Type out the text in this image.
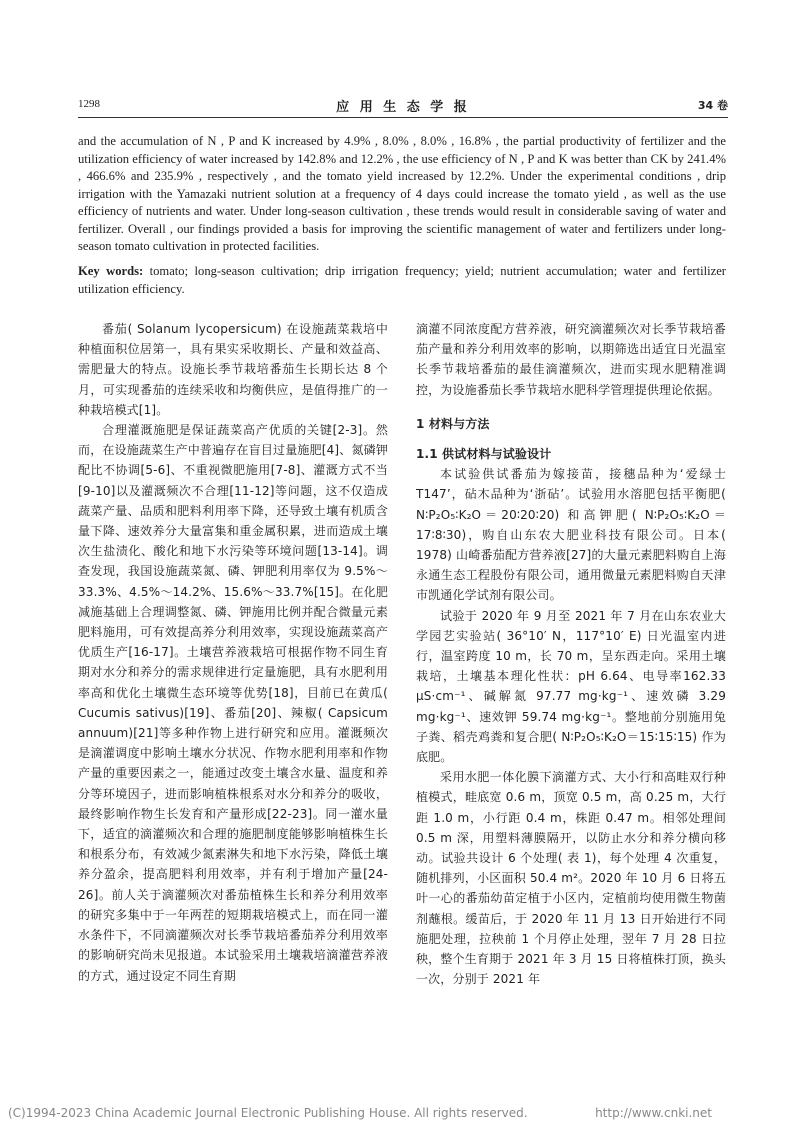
1298	应 用 生 态 学 报	34 卷

and the accumulation of N , P and K increased by 4.9% , 8.0% , 8.0% , 16.8% , the partial productivity of fertilizer and the utilization efficiency of water increased by 142.8% and 12.2% , the use efficiency of N , P and K was better than CK by 241.4% , 466.6% and 235.9% , respectively , and the tomato yield increased by 12.2%. Under the experimental conditions , drip irrigation with the Yamazaki nutrient solution at a frequency of 4 days could increase the tomato yield , as well as the use efficiency of nutrients and water. Under long-season cultivation , these trends would result in considerable saving of water and fertilizer. Overall , our findings provided a basis for improving the scientific management of water and fertilizers under long-season tomato cultivation in protected facilities.

Key words: tomato; long-season cultivation; drip irrigation frequency; yield; nutrient accumulation; water and fertilizer utilization efficiency.

番茄( Solanum lycopersicum) 在设施蔬菜栽培中种植面积位居第一，具有果实采收期长、产量和效益高、需肥量大的特点。设施长季节栽培番茄生长期长达 8 个月，可实现番茄的连续采收和均衡供应，是值得推广的一种栽培模式[1]。

合理灌溉施肥是保证蔬菜高产优质的关键[2-3]。然而，在设施蔬菜生产中普遍存在盲目过量施肥[4]、氮磷钾配比不协调[5-6]、不重视微肥施用[7-8]、灌溉方式不当[9-10]以及灌溉频次不合理[11-12]等问题，这不仅造成蔬菜产量、品质和肥料利用率下降，还导致土壤有机质含量下降、速效养分大量富集和重金属积累，进而造成土壤次生盐渍化、酸化和地下水污染等环境问题[13-14]。调查发现，我国设施蔬菜氮、磷、钾肥利用率仅为 9.5%～33.3%、4.5%～14.2%、15.6%～33.7%[15]。在化肥减施基础上合理调整氮、磷、钾施用比例并配合微量元素肥料施用，可有效提高养分利用效率，实现设施蔬菜高产优质生产[16-17]。土壤营养液栽培可根据作物不同生育期对水分和养分的需求规律进行定量施肥，具有水肥利用率高和优化土壤微生态环境等优势[18]，目前已在黄瓜( Cucumis sativus)[19]、番茄[20]、辣椒( Capsicum annuum)[21]等多种作物上进行研究和应用。灌溉频次是滴灌调度中影响土壤水分状况、作物水肥利用率和作物产量的重要因素之一，能通过改变土壤含水量、温度和养分等环境因子，进而影响植株根系对水分和养分的吸收，最终影响作物生长发育和产量形成[22-23]。同一灌水量下，适宜的滴灌频次和合理的施肥制度能够影响植株生长和根系分布，有效减少氮素淋失和地下水污染，降低土壤养分盈余，提高肥料利用效率，并有利于增加产量[24-26]。前人关于滴灌频次对番茄植株生长和养分利用效率的研究多集中于一年两茬的短期栽培模式上，而在同一灌水条件下，不同滴灌频次对长季节栽培番茄养分利用效率的影响研究尚未见报道。本试验采用土壤栽培滴灌营养液的方式，通过设定不同生育期

滴灌不同浓度配方营养液，研究滴灌频次对长季节栽培番茄产量和养分利用效率的影响，以期筛选出适宜日光温室长季节栽培番茄的最佳滴灌频次，进而实现水肥精准调控，为设施番茄长季节栽培水肥科学管理提供理论依据。

1 材料与方法
1.1 供试材料与试验设计

本试验供试番茄为嫁接苗，接穗品种为‘爱绿士 T147’，砧木品种为‘浙砧’。试验用水溶肥包括平衡肥( N∶P₂O₅∶K₂O＝20∶20∶20) 和高钾肥( N∶P₂O₅∶K₂O＝17∶8∶30)，购自山东农大肥业科技有限公司。日本( 1978) 山崎番茄配方营养液[27]的大量元素肥料购自上海永通生态工程股份有限公司，通用微量元素肥料购自天津市凯通化学试剂有限公司。

试验于 2020 年 9 月至 2021 年 7 月在山东农业大学园艺实验站( 36°10′ N，117°10′ E) 日光温室内进行，温室跨度 10 m，长 70 m，呈东西走向。采用土壤栽培，土壤基本理化性状：pH 6.64、电导率162.33 μS·cm⁻¹、碱解氮 97.77 mg·kg⁻¹、速效磷 3.29 mg·kg⁻¹、速效钾 59.74 mg·kg⁻¹。整地前分别施用兔子粪、稻壳鸡粪和复合肥( N∶P₂O₅∶K₂O＝15∶15∶15) 作为底肥。

采用水肥一体化膜下滴灌方式、大小行和高畦双行种植模式，畦底宽 0.6 m，顶宽 0.5 m，高 0.25 m，大行距 1.0 m，小行距 0.4 m，株距 0.47 m。相邻处理间 0.5 m 深，用塑料薄膜隔开，以防止水分和养分横向移动。试验共设计 6 个处理( 表 1)，每个处理 4 次重复，随机排列，小区面积 50.4 m²。2020 年 10 月 6 日将五叶一心的番茄幼苗定植于小区内，定植前均使用微生物菌剂蘸根。缓苗后，于 2020 年 11 月 13 日开始进行不同施肥处理，拉秧前 1 个月停止处理，翌年 7 月 28 日拉秧，整个生育期于 2021 年 3 月 15 日将植株打顶，换头一次，分别于 2021 年

(C)1994-2023 China Academic Journal Electronic Publishing House. All rights reserved.	http://www.cnki.net
